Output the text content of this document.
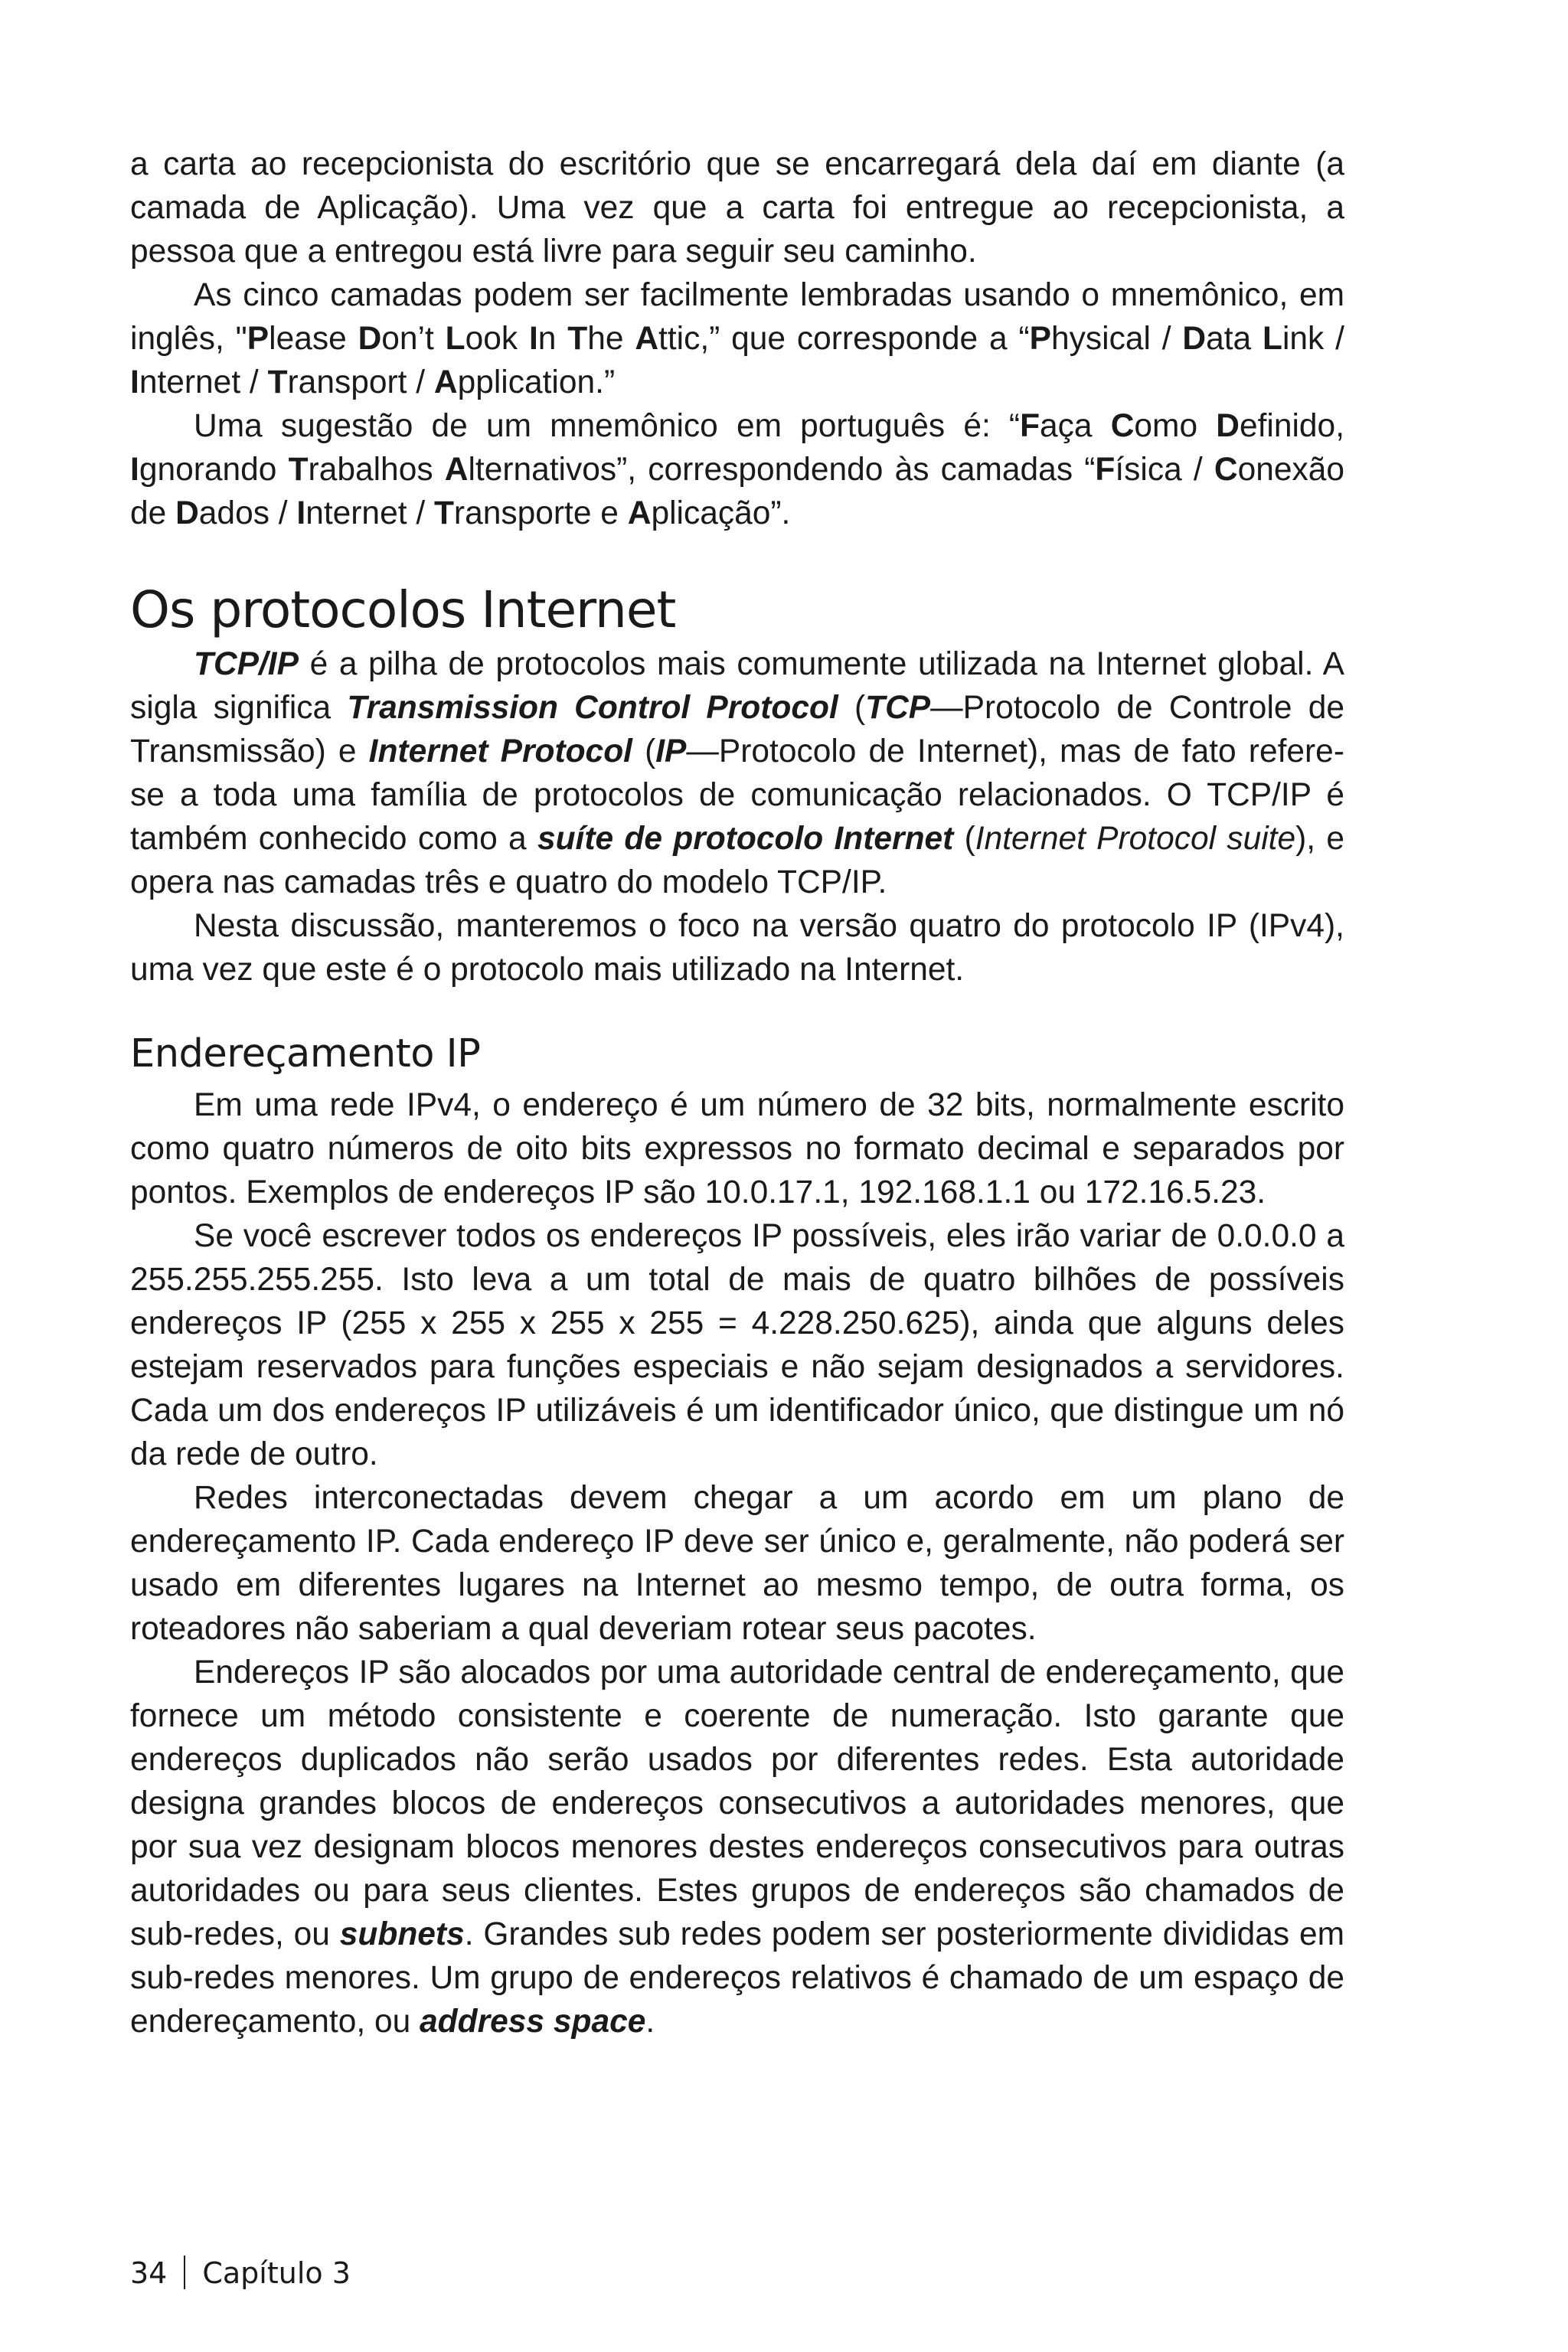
a carta ao recepcionista do escritório que se encarregará dela daí em diante (a camada de Aplicação). Uma vez que a carta foi entregue ao recepcionista, a pessoa que a entregou está livre para seguir seu caminho.

As cinco camadas podem ser facilmente lembradas usando o mnemônico, em inglês, "Please Don’t Look In The Attic,” que corresponde a “Physical / Data Link / Internet / Transport / Application.”

Uma sugestão de um mnemônico em português é: “Faça Como Definido, Ignorando Trabalhos Alternativos”, correspondendo às camadas “Física / Conexão de Dados / Internet / Transporte e Aplicação”.

Os protocolos Internet

TCP/IP é a pilha de protocolos mais comumente utilizada na Internet global. A sigla significa Transmission Control Protocol (TCP—Protocolo de Controle de Transmissão) e Internet Protocol (IP—Protocolo de Internet), mas de fato refere-se a toda uma família de protocolos de comunicação relacionados. O TCP/IP é também conhecido como a suíte de protocolo Internet (Internet Protocol suite), e opera nas camadas três e quatro do modelo TCP/IP.

Nesta discussão, manteremos o foco na versão quatro do protocolo IP (IPv4), uma vez que este é o protocolo mais utilizado na Internet.

Endereçamento IP

Em uma rede IPv4, o endereço é um número de 32 bits, normalmente escrito como quatro números de oito bits expressos no formato decimal e separados por pontos. Exemplos de endereços IP são 10.0.17.1, 192.168.1.1 ou 172.16.5.23.

Se você escrever todos os endereços IP possíveis, eles irão variar de 0.0.0.0 a 255.255.255.255. Isto leva a um total de mais de quatro bilhões de possíveis endereços IP (255 x 255 x 255 x 255 = 4.228.250.625), ainda que alguns deles estejam reservados para funções especiais e não sejam designados a servidores. Cada um dos endereços IP utilizáveis é um identificador único, que distingue um nó da rede de outro.

Redes interconectadas devem chegar a um acordo em um plano de endereçamento IP. Cada endereço IP deve ser único e, geralmente, não poderá ser usado em diferentes lugares na Internet ao mesmo tempo, de outra forma, os roteadores não saberiam a qual deveriam rotear seus pacotes.

Endereços IP são alocados por uma autoridade central de endereçamento, que fornece um método consistente e coerente de numeração. Isto garante que endereços duplicados não serão usados por diferentes redes. Esta autoridade designa grandes blocos de endereços consecutivos a autoridades menores, que por sua vez designam blocos menores destes endereços consecutivos para outras autoridades ou para seus clientes. Estes grupos de endereços são chamados de sub-redes, ou subnets. Grandes sub redes podem ser posteriormente divididas em sub-redes menores. Um grupo de endereços relativos é chamado de um espaço de endereçamento, ou address space.

34 Capítulo 3
